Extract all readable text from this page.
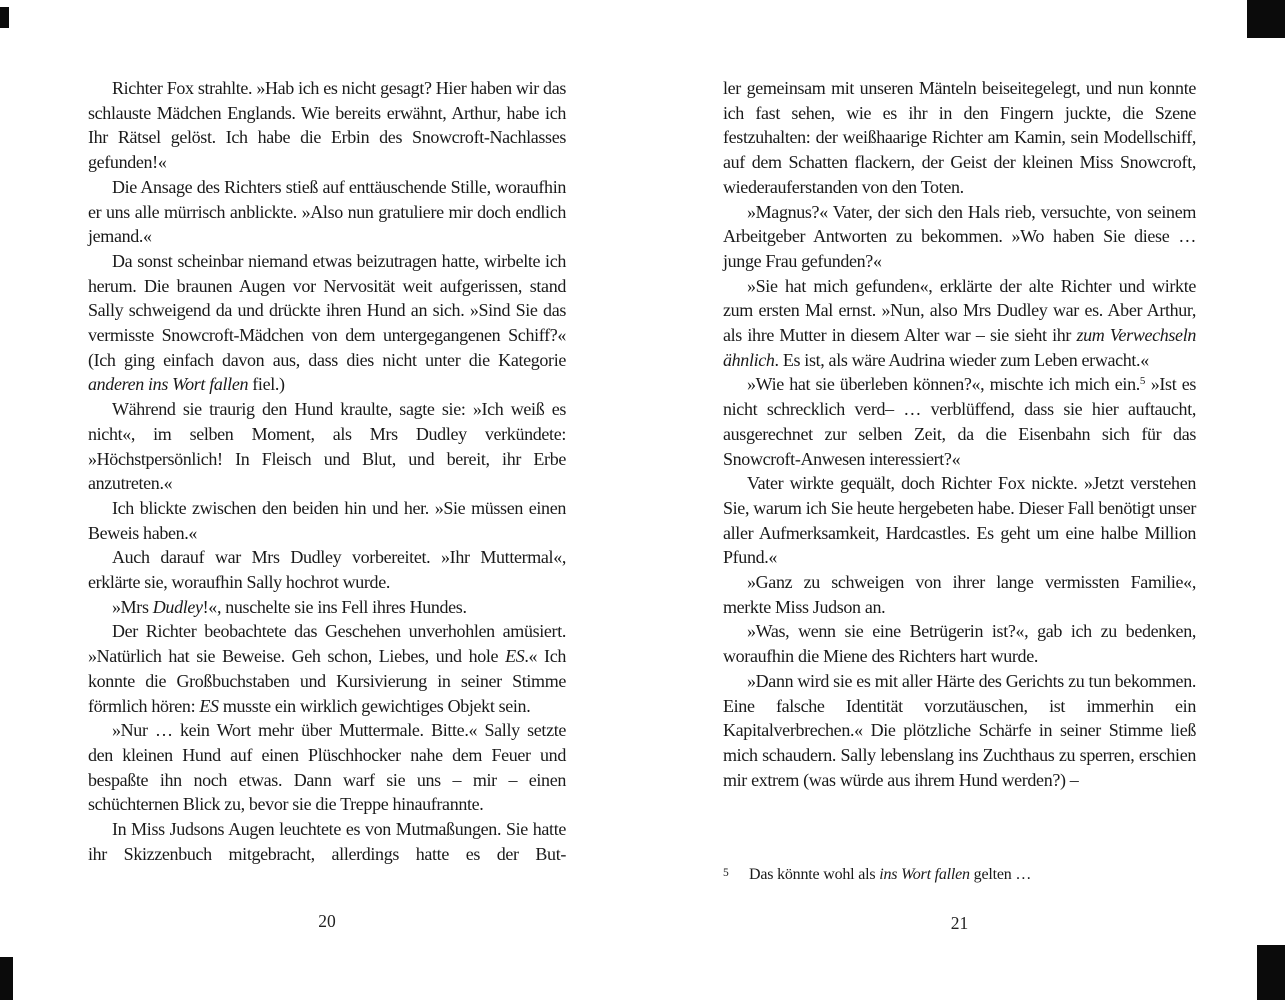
Richter Fox strahlte. »Hab ich es nicht gesagt? Hier haben wir das schlauste Mädchen Englands. Wie bereits erwähnt, Arthur, habe ich Ihr Rätsel gelöst. Ich habe die Erbin des Snowcroft-Nachlasses gefunden!«

Die Ansage des Richters stieß auf enttäuschende Stille, woraufhin er uns alle mürrisch anblickte. »Also nun gratuliere mir doch endlich jemand.«

Da sonst scheinbar niemand etwas beizutragen hatte, wirbelte ich herum. Die braunen Augen vor Nervosität weit aufgerissen, stand Sally schweigend da und drückte ihren Hund an sich. »Sind Sie das vermisste Snowcroft-Mädchen von dem untergegangenen Schiff?« (Ich ging einfach davon aus, dass dies nicht unter die Kategorie anderen ins Wort fallen fiel.)

Während sie traurig den Hund kraulte, sagte sie: »Ich weiß es nicht«, im selben Moment, als Mrs Dudley verkündete: »Höchstpersönlich! In Fleisch und Blut, und bereit, ihr Erbe anzutreten.«

Ich blickte zwischen den beiden hin und her. »Sie müssen einen Beweis haben.«

Auch darauf war Mrs Dudley vorbereitet. »Ihr Muttermal«, erklärte sie, woraufhin Sally hochrot wurde.

»Mrs Dudley!«, nuschelte sie ins Fell ihres Hundes.

Der Richter beobachtete das Geschehen unverhohlen amüsiert. »Natürlich hat sie Beweise. Geh schon, Liebes, und hole ES.« Ich konnte die Großbuchstaben und Kursivierung in seiner Stimme förmlich hören: ES musste ein wirklich gewichtiges Objekt sein.

»Nur … kein Wort mehr über Muttermale. Bitte.« Sally setzte den kleinen Hund auf einen Plüschhocker nahe dem Feuer und bespaßte ihn noch etwas. Dann warf sie uns – mir – einen schüchternen Blick zu, bevor sie die Treppe hinaufrannte.

In Miss Judsons Augen leuchtete es von Mutmaßungen. Sie hatte ihr Skizzenbuch mitgebracht, allerdings hatte es der But-

ler gemeinsam mit unseren Mänteln beiseitegelegt, und nun konnte ich fast sehen, wie es ihr in den Fingern juckte, die Szene festzuhalten: der weißhaarige Richter am Kamin, sein Modellschiff, auf dem Schatten flackern, der Geist der kleinen Miss Snowcroft, wiederauferstanden von den Toten.

»Magnus?« Vater, der sich den Hals rieb, versuchte, von seinem Arbeitgeber Antworten zu bekommen. »Wo haben Sie diese … junge Frau gefunden?«

»Sie hat mich gefunden«, erklärte der alte Richter und wirkte zum ersten Mal ernst. »Nun, also Mrs Dudley war es. Aber Arthur, als ihre Mutter in diesem Alter war – sie sieht ihr zum Verwechseln ähnlich. Es ist, als wäre Audrina wieder zum Leben erwacht.«

»Wie hat sie überleben können?«, mischte ich mich ein.$^5$ »Ist es nicht schrecklich verd– … verblüffend, dass sie hier auftaucht, ausgerechnet zur selben Zeit, da die Eisenbahn sich für das Snowcroft-Anwesen interessiert?«

Vater wirkte gequält, doch Richter Fox nickte. »Jetzt verstehen Sie, warum ich Sie heute hergebeten habe. Dieser Fall benötigt unser aller Aufmerksamkeit, Hardcastles. Es geht um eine halbe Million Pfund.«

»Ganz zu schweigen von ihrer lange vermissten Familie«, merkte Miss Judson an.

»Was, wenn sie eine Betrügerin ist?«, gab ich zu bedenken, woraufhin die Miene des Richters hart wurde.

»Dann wird sie es mit aller Härte des Gerichts zu tun bekommen. Eine falsche Identität vorzutäuschen, ist immerhin ein Kapitalverbrechen.« Die plötzliche Schärfe in seiner Stimme ließ mich schaudern. Sally lebenslang ins Zuchthaus zu sperren, erschien mir extrem (was würde aus ihrem Hund werden?) –

5	Das könnte wohl als ins Wort fallen gelten …
20	21
